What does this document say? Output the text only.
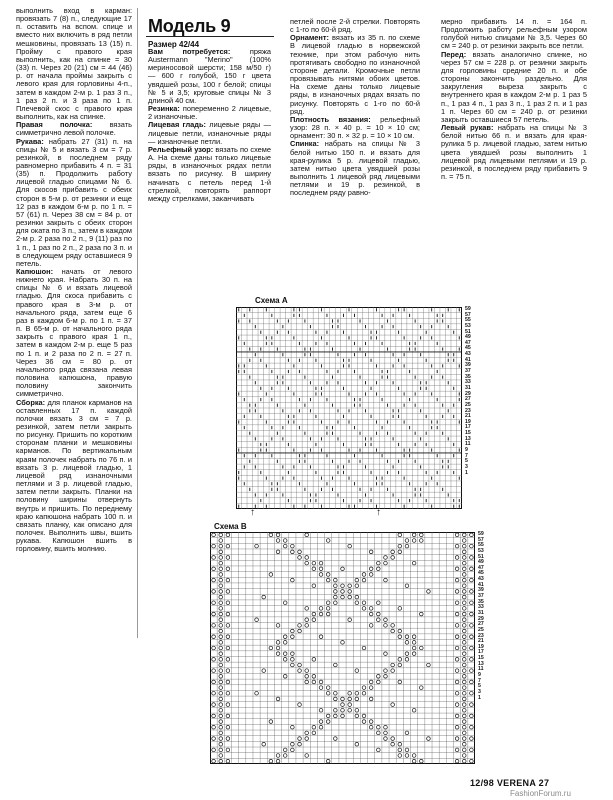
выполнить вход в карман: провязать 7 (8) п., следующие 17 п. оставить на вспом. спице и вместо них включить в ряд петли мешковины, провязать 13 (15) п. Пройму с правого края выполнить, как на спинке = 30 (33) п. Через 20 (21) см = 44 (46) р. от начала проймы закрыть с левого края для горловины 4-п., затем в каждом 2-м р. 1 раз 3 п., 1 раз 2 п. и 3 раза по 1 п. Плечевой скос с правого края выполнить, как на спинке.

Правая полочка: вязать симметрично левой полочке.

Рукава: набрать 27 (31) п. на спицы № 5 и вязать 3 см = 7 р. резинкой, в последнем ряду равномерно прибавить 4 п. = 31 (35) п. Продолжить работу лицевой гладью спицами № 6. Для скосов прибавить с обеих сторон в 5-м р. от резинки и еще 12 раз в каждом 6-м р. по 1 п. = 57 (61) п. Через 38 см = 84 р. от резинки закрыть с обеих сторон для оката по 3 п., затем в каждом 2-м р. 2 раза по 2 п., 9 (11) раз по 1 п., 1 раз по 2 п., 2 раза по 3 п. и в следующем ряду оставшиеся 9 петель.

Капюшон: начать от левого нижнего края. Набрать 30 п. на спицы № 6 и вязать лицевой гладью. Для скоса прибавить с правого края в 3-м р. от начального ряда, затем еще 6 раз в каждом 6-м р. по 1 п. = 37 п. В 65-м р. от начального ряда закрыть с правого края 1 п., затем в каждом 2-м р. еще 5 раз по 1 п. и 2 раза по 2 п. = 27 п. Через 36 см = 80 р. от начального ряда связана левая половина капюшона, правую половину закончить симметрично.

Сборка: для планок карманов на оставленных 17 п. каждой полочки вязать 3 см = 7 р. резинкой, затем петли закрыть по рисунку. Пришить по коротким сторонам планки и мешковины карманов. По вертикальным краям полочек набрать по 76 п. и вязать 3 р. лицевой гладью, 1 лицевой ряд изнаночными петлями и 3 р. лицевой гладью, затем петли закрыть. Планки на половину ширины отвернуть внутрь и пришить. По переднему краю капюшона набрать 100 п. и связать планку, как описано для полочек. Выполнить швы, вшить рукава. Капюшон вшить в горловину, вшить молнию.

Модель 9
Размер 42/44

Вам потребуется:	пряжа Austermann "Merino" (100% мериносовой шерсти; 158 м/50 г) — 600 г голубой, 150 г цвета увядшей розы, 100 г белой; спицы № 5 и 3,5; круговые спицы № 3 длиной 40 см.

Резинка: попеременно 2 лицевые, 2 изнаночные.

Лицевая гладь: лицевые ряды — лицевые петли, изнаночные ряды — изнаночные петли.

Рельефный узор: вязать по схеме А. На схеме даны только лицевые ряды, в изнаночных рядах петли вязать по рисунку. В ширину начинать с петель перед 1-й стрелкой, повторять раппорт между стрелками, заканчивать

петлей после 2-й стрелки. Повторять с 1-го по 60-й ряд.

Орнамент: вязать из 35 п. по схеме В лицевой гладью в норвежской технике, при этом рабочую нить протягивать свободно по изнаночной стороне детали. Кромочные петли провязывать нитями обоих цветов. На схеме даны только лицевые ряды, в изнаночных рядах вязать по рисунку. Повторять с 1-го по 60-й ряд.

Плотность вязания: рельефный узор: 28 п. × 40 р. = 10 × 10 см; орнамент: 30 п. × 32 р. = 10 × 10 см.

Спинка: набрать на спицы № 3 белой нитью 150 п. и вязать для края-рулика 5 р. лицевой гладью, затем нитью цвета увядшей розы выполнить 1 лицевой ряд лицевыми петлями и 19 р. резинкой, в последнем ряду равно-

мерно прибавить 14 п. = 164 п. Продолжить работу рельефным узором голубой нитью спицами № 3,5. Через 60 см = 240 р. от резинки закрыть все петли.

Перед: вязать аналогично спинке, но через 57 см = 228 р. от резинки закрыть для горловины средние 20 п. и обе стороны закончить раздельно. Для закругления выреза закрыть с внутреннего края в каждом 2-м р. 1 раз 5 п., 1 раз 4 п., 1 раз 3 п., 1 раз 2 п. и 1 раз 1 п. Через 60 см = 240 р. от резинки закрыть оставшиеся 57 петель.

Левый рукав: набрать на спицы № 3 белой нитью 66 п. и вязать для края-рулика 5 р. лицевой гладью, затем нитью цвета увядшей розы выполнить 1 лицевой ряд лицевыми петлями и 19 р. резинкой, в последнем ряду прибавить 9 п. = 75 п.

Схема А
59
57
55
53
51
49
47
45
43
41
39
37
35
33
31
29
27
25
23
21
19
17
15
13
11
9
7
5
3
1
↑	↑
Схема В
59
57
55
53
51
49
47
45
43
41
39
37
35
33
31
29
27
25
23
21
19
17
15
13
11
9
7
5
3
1
12/98 VERENA 27
FashionForum.ru
